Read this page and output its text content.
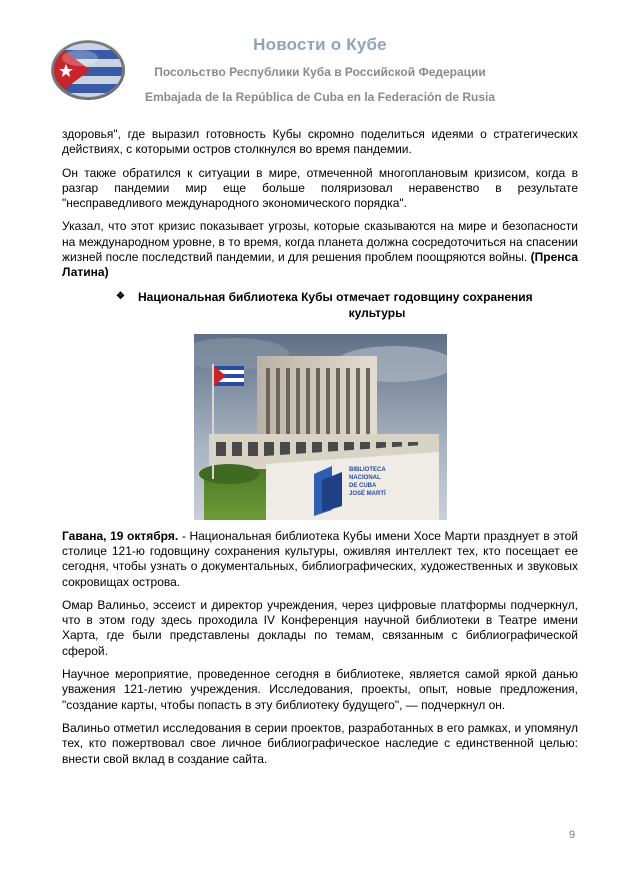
Новости о Кубе
Посольство Республики Куба в Российской Федерации
Embajada de la República de Cuba en la Federación de Rusia

здоровья", где выразил готовность Кубы скромно поделиться идеями о стратегических действиях, с которыми остров столкнулся во время пандемии.

Он также обратился к ситуации в мире, отмеченной многоплановым кризисом, когда в разгар пандемии мир еще больше поляризовал неравенство в результате "несправедливого международного экономического порядка".

Указал, что этот кризис показывает угрозы, которые сказываются на мире и безопасности на международном уровне, в то время, когда планета должна сосредоточиться на спасении жизней после последствий пандемии, и для решения проблем поощряются войны. (Пренса Латина)

❖	Национальная библиотека Кубы отмечает годовщину сохранения
культуры
BIBLIOTECA
NACIONAL
DE CUBA
JOSÉ MARTÍ

Гавана, 19 октября. - Национальная библиотека Кубы имени Хосе Марти празднует в этой столице 121-ю годовщину сохранения культуры, оживляя интеллект тех, кто посещает ее сегодня, чтобы узнать о документальных, библиографических, художественных и звуковых сокровищах острова.

Омар Валиньо, эссеист и директор учреждения, через цифровые платформы подчеркнул, что в этом году здесь проходила IV Конференция научной библиотеки в Театре имени Харта, где были представлены доклады по темам, связанным с библиографической сферой.

Научное мероприятие, проведенное сегодня в библиотеке, является самой яркой данью уважения 121-летию учреждения. Исследования, проекты, опыт, новые предложения, "создание карты, чтобы попасть в эту библиотеку будущего", — подчеркнул он.

Валиньо отметил исследования в серии проектов, разработанных в его рамках, и упомянул тех, кто пожертвовал свое личное библиографическое наследие с единственной целью: внести свой вклад в создание сайта.

9
